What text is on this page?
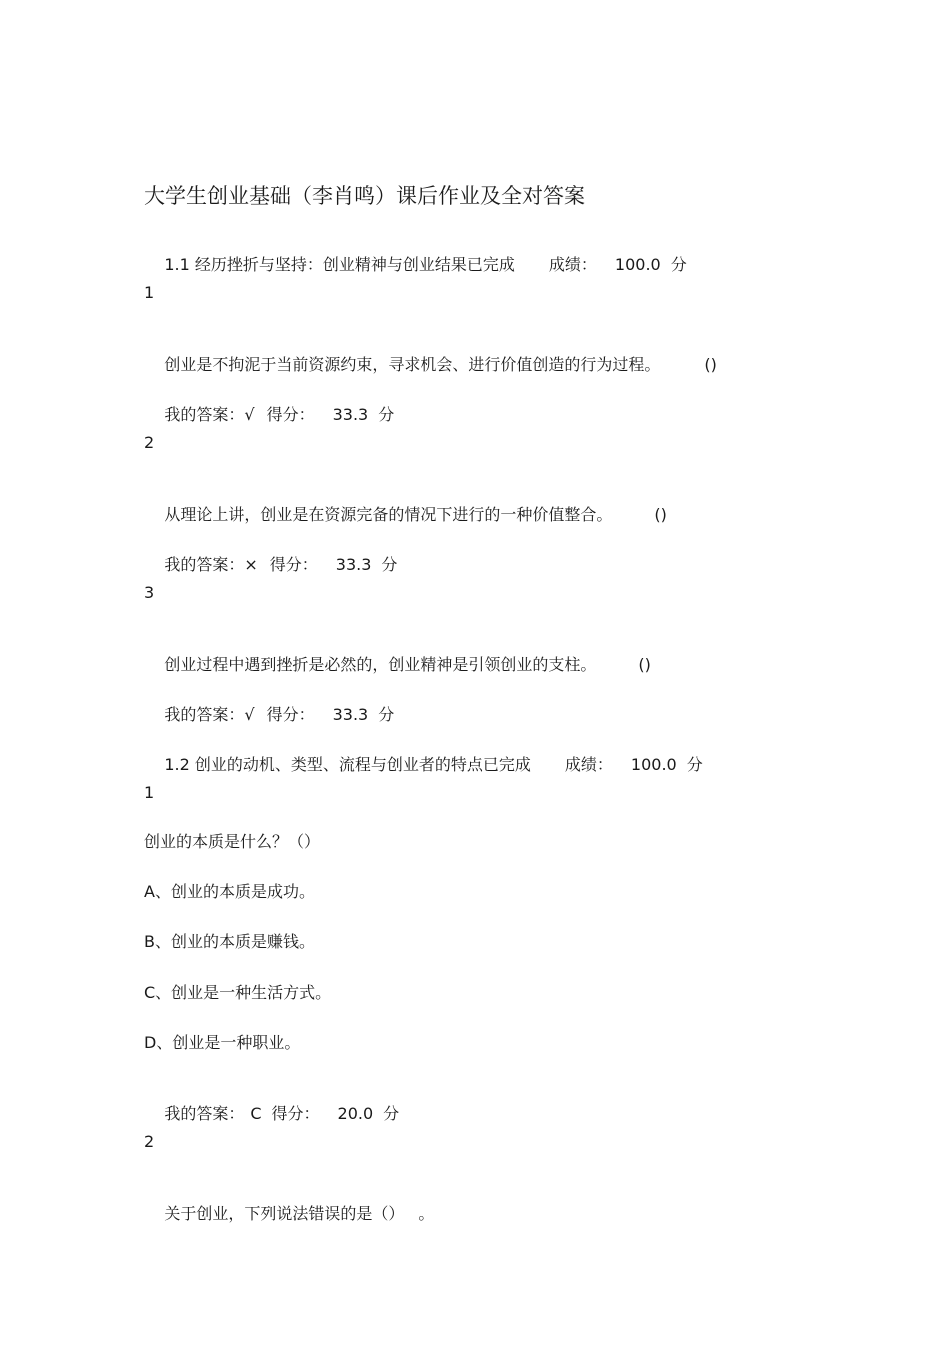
大学生创业基础（李肖鸣）课后作业及全对答案

1.1 经历挫折与坚持：创业精神与创业结果已完成 成绩： 100.0 分

1

创业是不拘泥于当前资源约束，寻求机会、进行价值创造的行为过程。	()

我的答案：√ 得分： 33.3 分

2

从理论上讲，创业是在资源完备的情况下进行的一种价值整合。	()

我的答案：× 得分： 33.3 分

3

创业过程中遇到挫折是必然的，创业精神是引领创业的支柱。	()

我的答案：√ 得分： 33.3 分

1.2 创业的动机、类型、流程与创业者的特点已完成 成绩： 100.0 分

1
创业的本质是什么？（）
A、创业的本质是成功。
B、创业的本质是赚钱。
C、创业是一种生活方式。
D、创业是一种职业。

我的答案： C 得分： 20.0 分

2

关于创业，下列说法错误的是（） 。
